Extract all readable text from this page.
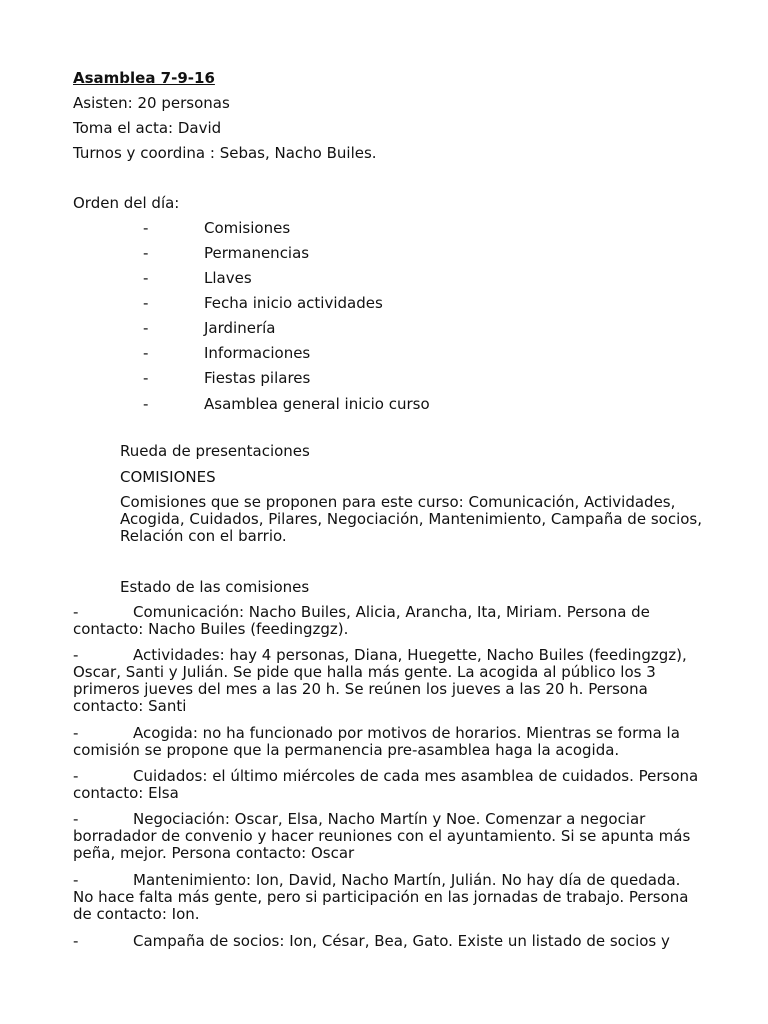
Asamblea 7-9-16
Asisten: 20 personas
Toma el acta: David
Turnos y coordina : Sebas, Nacho Builes.
Orden del día:
-	Comisiones
-	Permanencias
-	Llaves
-	Fecha inicio actividades
-	Jardinería
-	Informaciones
-	Fiestas pilares
-	Asamblea general inicio curso
Rueda de presentaciones
COMISIONES
Comisiones que se proponen para este curso: Comunicación, Actividades, Acogida, Cuidados, Pilares, Negociación, Mantenimiento, Campaña de socios, Relación con el barrio.
Estado de las comisiones
-	Comunicación: Nacho Builes, Alicia, Arancha, Ita, Miriam. Persona de contacto: Nacho Builes (feedingzgz).
-	Actividades: hay 4 personas, Diana, Huegette, Nacho Builes (feedingzgz), Oscar, Santi y Julián. Se pide que halla más gente. La acogida al público los 3 primeros jueves del mes a las 20 h. Se reúnen los jueves a las 20 h. Persona contacto: Santi
-	Acogida: no ha funcionado por motivos de horarios. Mientras se forma la comisión se propone que la permanencia pre-asamblea haga la acogida.
-	Cuidados: el último miércoles de cada mes asamblea de cuidados. Persona contacto: Elsa
-	Negociación: Oscar, Elsa, Nacho Martín y Noe. Comenzar a negociar borradador de convenio y hacer reuniones con el ayuntamiento. Si se apunta más peña, mejor. Persona contacto: Oscar
-	Mantenimiento: Ion, David, Nacho Martín, Julián. No hay día de quedada. No hace falta más gente, pero si participación en las jornadas de trabajo. Persona de contacto: Ion.
-	Campaña de socios: Ion, César, Bea, Gato. Existe un listado de socios y
